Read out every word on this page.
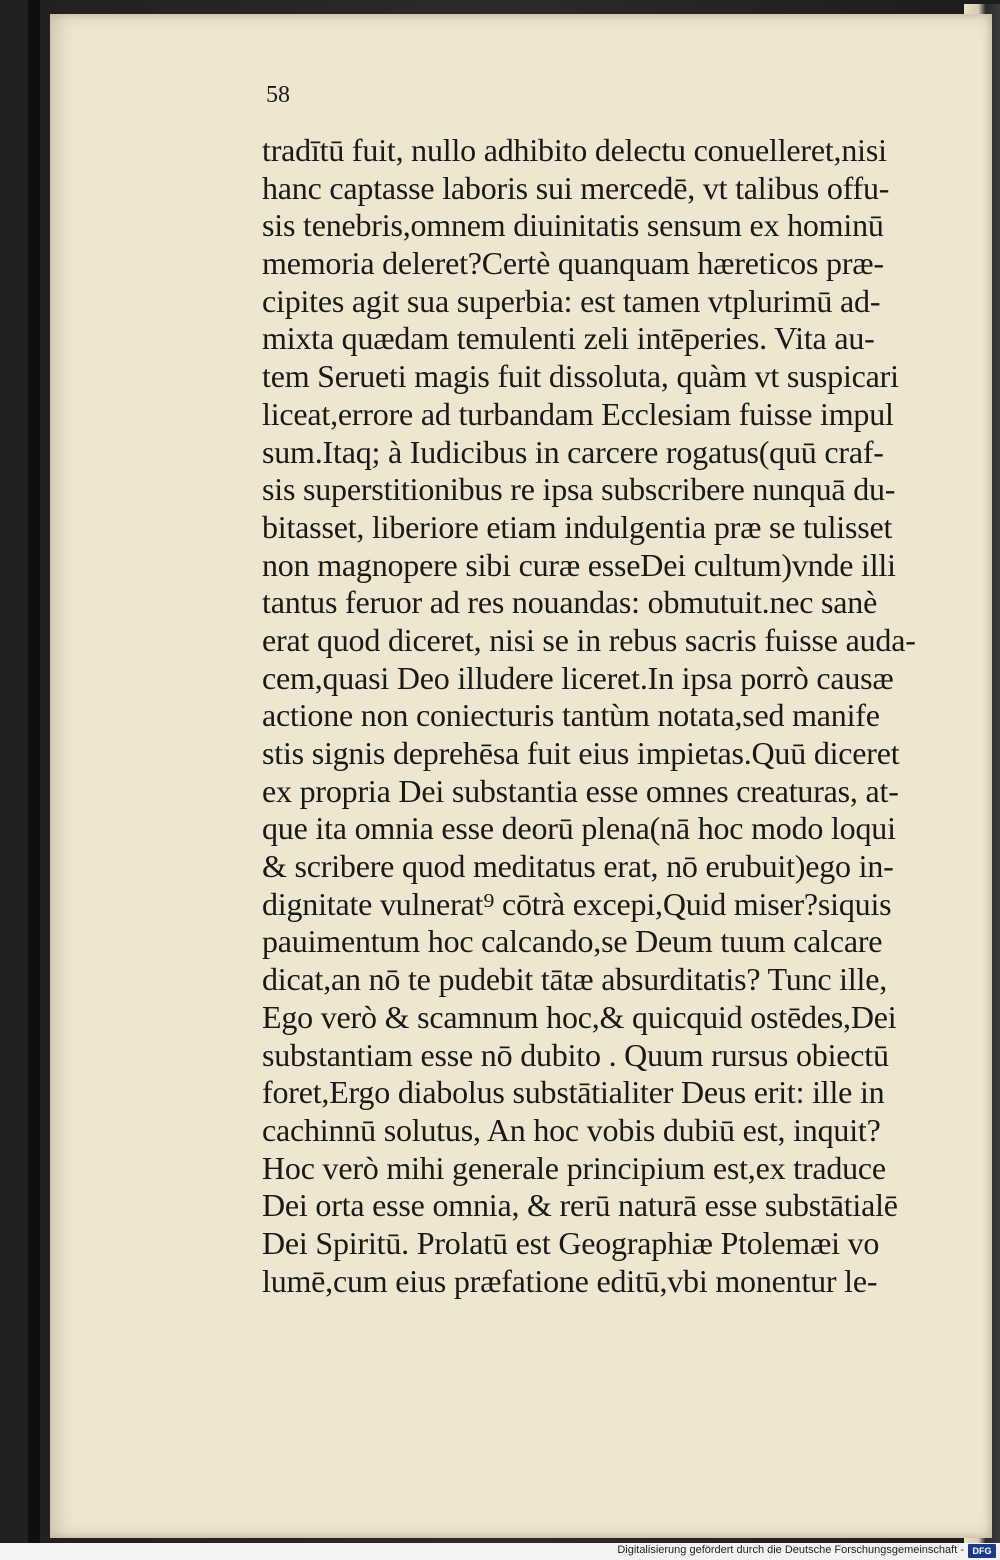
58

tradītū fuit, nullo adhibito delectu conuelleret,nisi
hanc captasse laboris sui mercedē, vt talibus offu-
sis tenebris,omnem diuinitatis sensum ex hominū
memoria deleret?Certè quanquam hæreticos præ-
cipites agit sua superbia: est tamen vtplurimū ad-
mixta quædam temulenti zeli intēperies. Vita au-
tem Serueti magis fuit dissoluta, quàm vt suspicari
liceat,errore ad turbandam Ecclesiam fuisse impul
sum.Itaq; à Iudicibus in carcere rogatus(quū craf-
sis superstitionibus re ipsa subscribere nunquā du-
bitasset, liberiore etiam indulgentia præ se tulisset
non magnopere sibi curæ esseDei cultum)vnde illi
tantus feruor ad res nouandas: obmutuit.nec sanè
erat quod diceret, nisi se in rebus sacris fuisse auda-
cem,quasi Deo illudere liceret.In ipsa porrò causæ
actione non coniecturis tantùm notata,sed manife
stis signis deprehēsa fuit eius impietas.Quū diceret
ex propria Dei substantia esse omnes creaturas, at-
que ita omnia esse deorū plena(nā hoc modo loqui
& scribere quod meditatus erat, nō erubuit)ego in-
dignitate vulnerat⁹ cōtrà excepi,Quid miser?siquis
pauimentum hoc calcando,se Deum tuum calcare
dicat,an nō te pudebit tātæ absurditatis? Tunc ille,
Ego verò & scamnum hoc,& quicquid ostēdes,Dei
substantiam esse nō dubito . Quum rursus obiectū
foret,Ergo diabolus substātialiter Deus erit: ille in
cachinnū solutus, An hoc vobis dubiū est, inquit?
Hoc verò mihi generale principium est,ex traduce
Dei orta esse omnia, & rerū naturā esse substātialē
Dei Spiritū. Prolatū est Geographiæ Ptolemæi vo
lumē,cum eius præfatione editū,vbi monentur le-

Digitalisierung gefördert durch die Deutsche Forschungsgemeinschaft - DFG
